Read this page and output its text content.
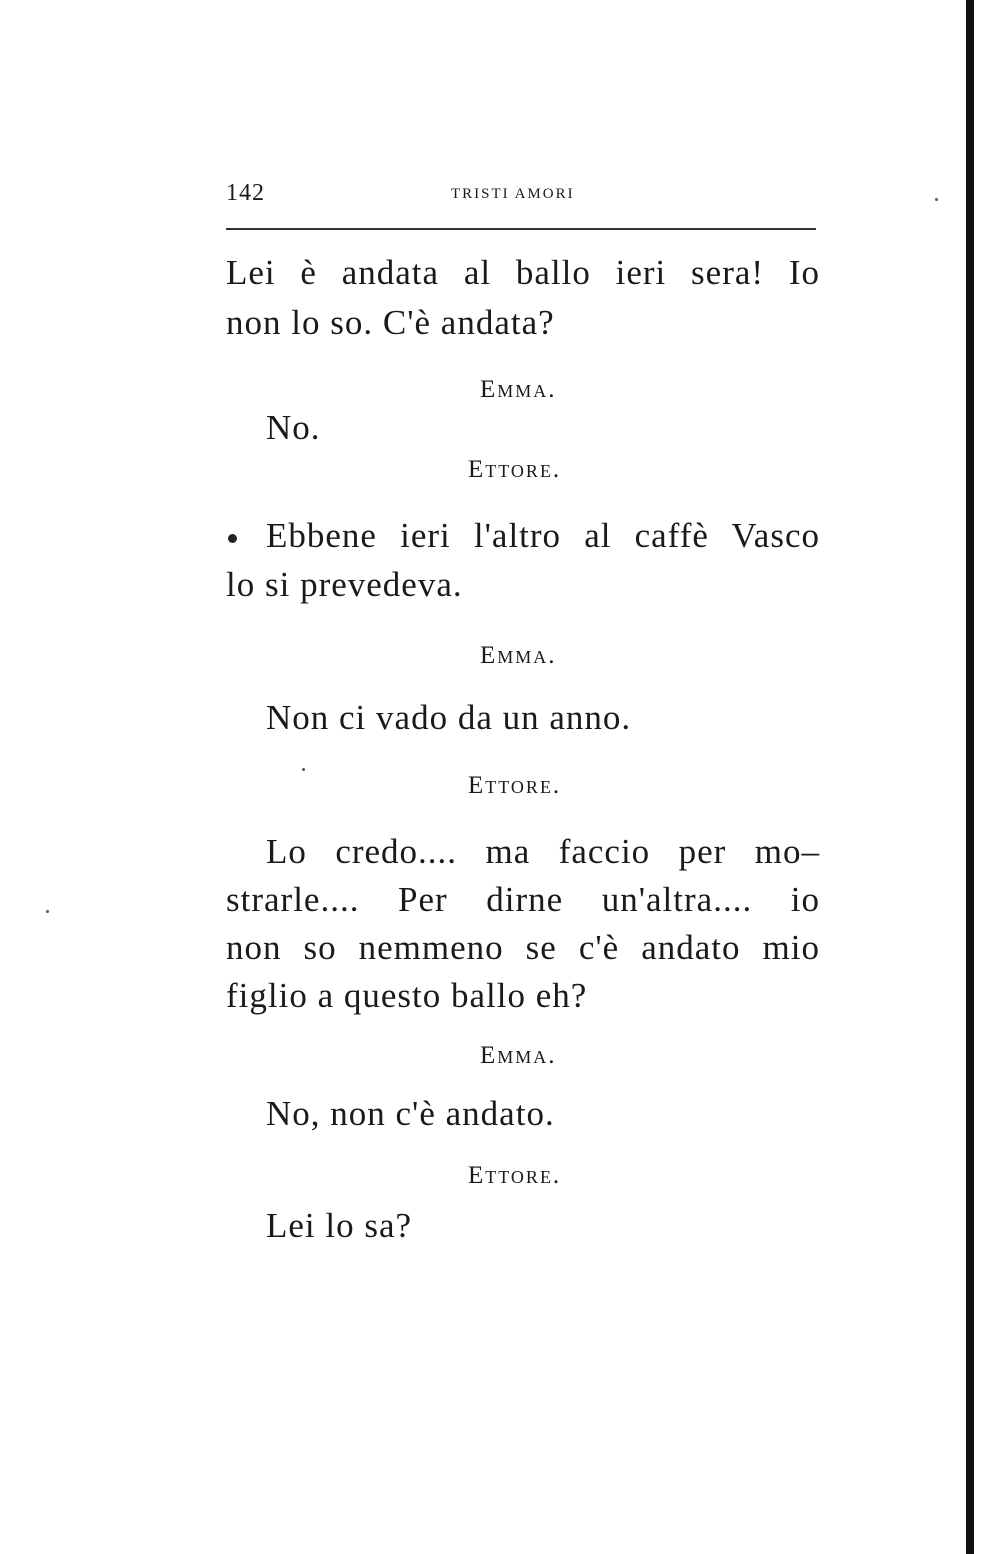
142	TRISTI AMORI
Lei è andata al ballo ieri sera! Io
non lo so. C'è andata?
Emma.
No.
Ettore.
Ebbene ieri l'altro al caffè Vasco
lo si prevedeva.
Emma.
Non ci vado da un anno.
Ettore.
Lo credo.... ma faccio per mo–
strarle.... Per dirne un'altra.... io
non so nemmeno se c'è andato mio
figlio a questo ballo eh?
Emma.
No, non c'è andato.
Ettore.
Lei lo sa?
